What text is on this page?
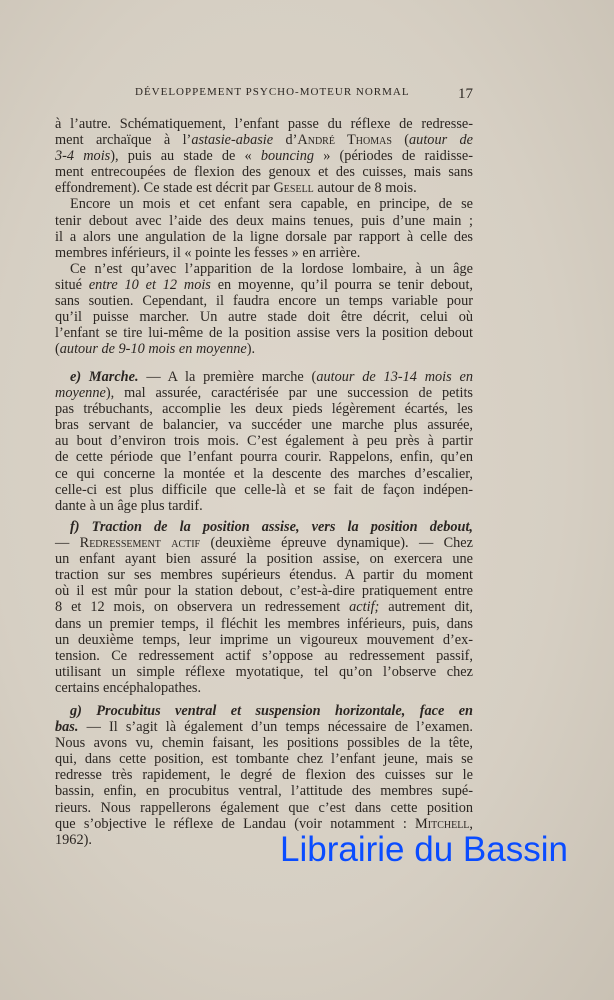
DÉVELOPPEMENT PSYCHO-MOTEUR NORMAL	17
à l’autre. Schématiquement, l’enfant passe du réflexe de redresse-
ment archaïque à l’astasie-abasie d’André Thomas (autour de
3-4 mois), puis au stade de « bouncing » (périodes de raidisse-
ment entrecoupées de flexion des genoux et des cuisses, mais sans
effondrement). Ce stade est décrit par Gesell autour de 8 mois.
Encore un mois et cet enfant sera capable, en principe, de se
tenir debout avec l’aide des deux mains tenues, puis d’une main ;
il a alors une angulation de la ligne dorsale par rapport à celle des
membres inférieurs, il « pointe les fesses » en arrière.
Ce n’est qu’avec l’apparition de la lordose lombaire, à un âge
situé entre 10 et 12 mois en moyenne, qu’il pourra se tenir debout,
sans soutien. Cependant, il faudra encore un temps variable pour
qu’il puisse marcher. Un autre stade doit être décrit, celui où
l’enfant se tire lui-même de la position assise vers la position debout
(autour de 9-10 mois en moyenne).
e) Marche. — A la première marche (autour de 13-14 mois en
moyenne), mal assurée, caractérisée par une succession de petits
pas trébuchants, accomplie les deux pieds légèrement écartés, les
bras servant de balancier, va succéder une marche plus assurée,
au bout d’environ trois mois. C’est également à peu près à partir
de cette période que l’enfant pourra courir. Rappelons, enfin, qu’en
ce qui concerne la montée et la descente des marches d’escalier,
celle-ci est plus difficile que celle-là et se fait de façon indépen-
dante à un âge plus tardif.
f) Traction de la position assise, vers la position debout,
— Redressement actif (deuxième épreuve dynamique). — Chez
un enfant ayant bien assuré la position assise, on exercera une
traction sur ses membres supérieurs étendus. A partir du moment
où il est mûr pour la station debout, c’est-à-dire pratiquement entre
8 et 12 mois, on observera un redressement actif; autrement dit,
dans un premier temps, il fléchit les membres inférieurs, puis, dans
un deuxième temps, leur imprime un vigoureux mouvement d’ex-
tension. Ce redressement actif s’oppose au redressement passif,
utilisant un simple réflexe myotatique, tel qu’on l’observe chez
certains encéphalopathes.
g) Procubitus ventral et suspension horizontale, face en
bas. — Il s’agit là également d’un temps nécessaire de l’examen.
Nous avons vu, chemin faisant, les positions possibles de la tête,
qui, dans cette position, est tombante chez l’enfant jeune, mais se
redresse très rapidement, le degré de flexion des cuisses sur le
bassin, enfin, en procubitus ventral, l’attitude des membres supé-
rieurs. Nous rappellerons également que c’est dans cette position
que s’objective le réflexe de Landau (voir notamment : Mitchell,
1962).	Librairie du Bassin
